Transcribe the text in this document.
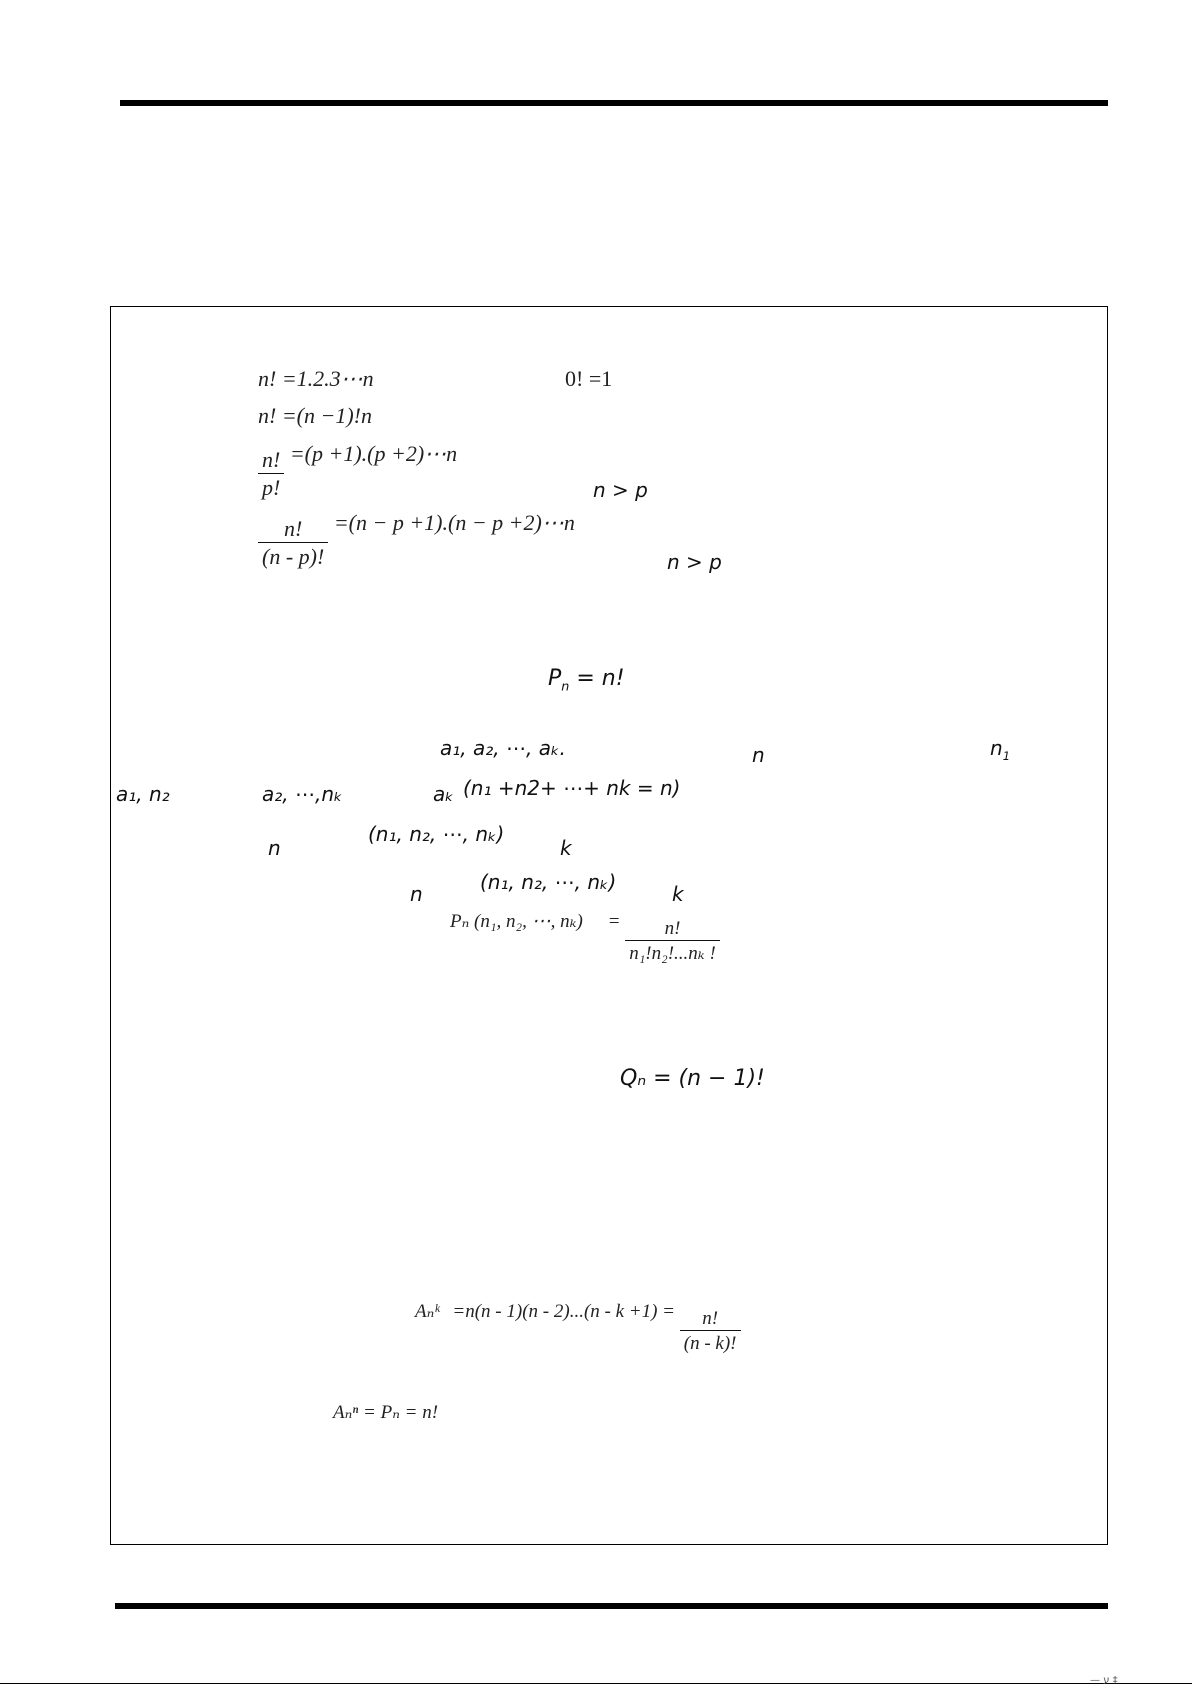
n! =1.2.3⋯n	0! =1
n! =(n −1)!n
$\frac{n!}{p!} =(p +1).(p$ +2)⋯n
n > p
$\frac{n!}{(n - p)!} =(n - p +1).(n - p$ +2)⋯n
n > p
$P_n = n$!
a₁, a₂, ⋯, aₖ.	n	$n_1$
a₁, n₂	a₂, ⋯,nₖ	aₖ (n₁ +n2+ ⋯+ nk = n)
n
(n₁, n₂, ⋯, nₖ)
k
n	(n₁, n₂, ⋯, nₖ)	k
Pₙ (n₁, n₂, ⋯, $n_k) = \frac{n!}{\text{n₁!n₂!...nₖ !}}$
Qₙ = (n − 1)!
Aₙᵏ $=n(n - 1)(n - 2)...(n - k +1) = \frac{n!}{(n - k)!}$
Aₙⁿ = Pₙ = n!
— ע ‡
